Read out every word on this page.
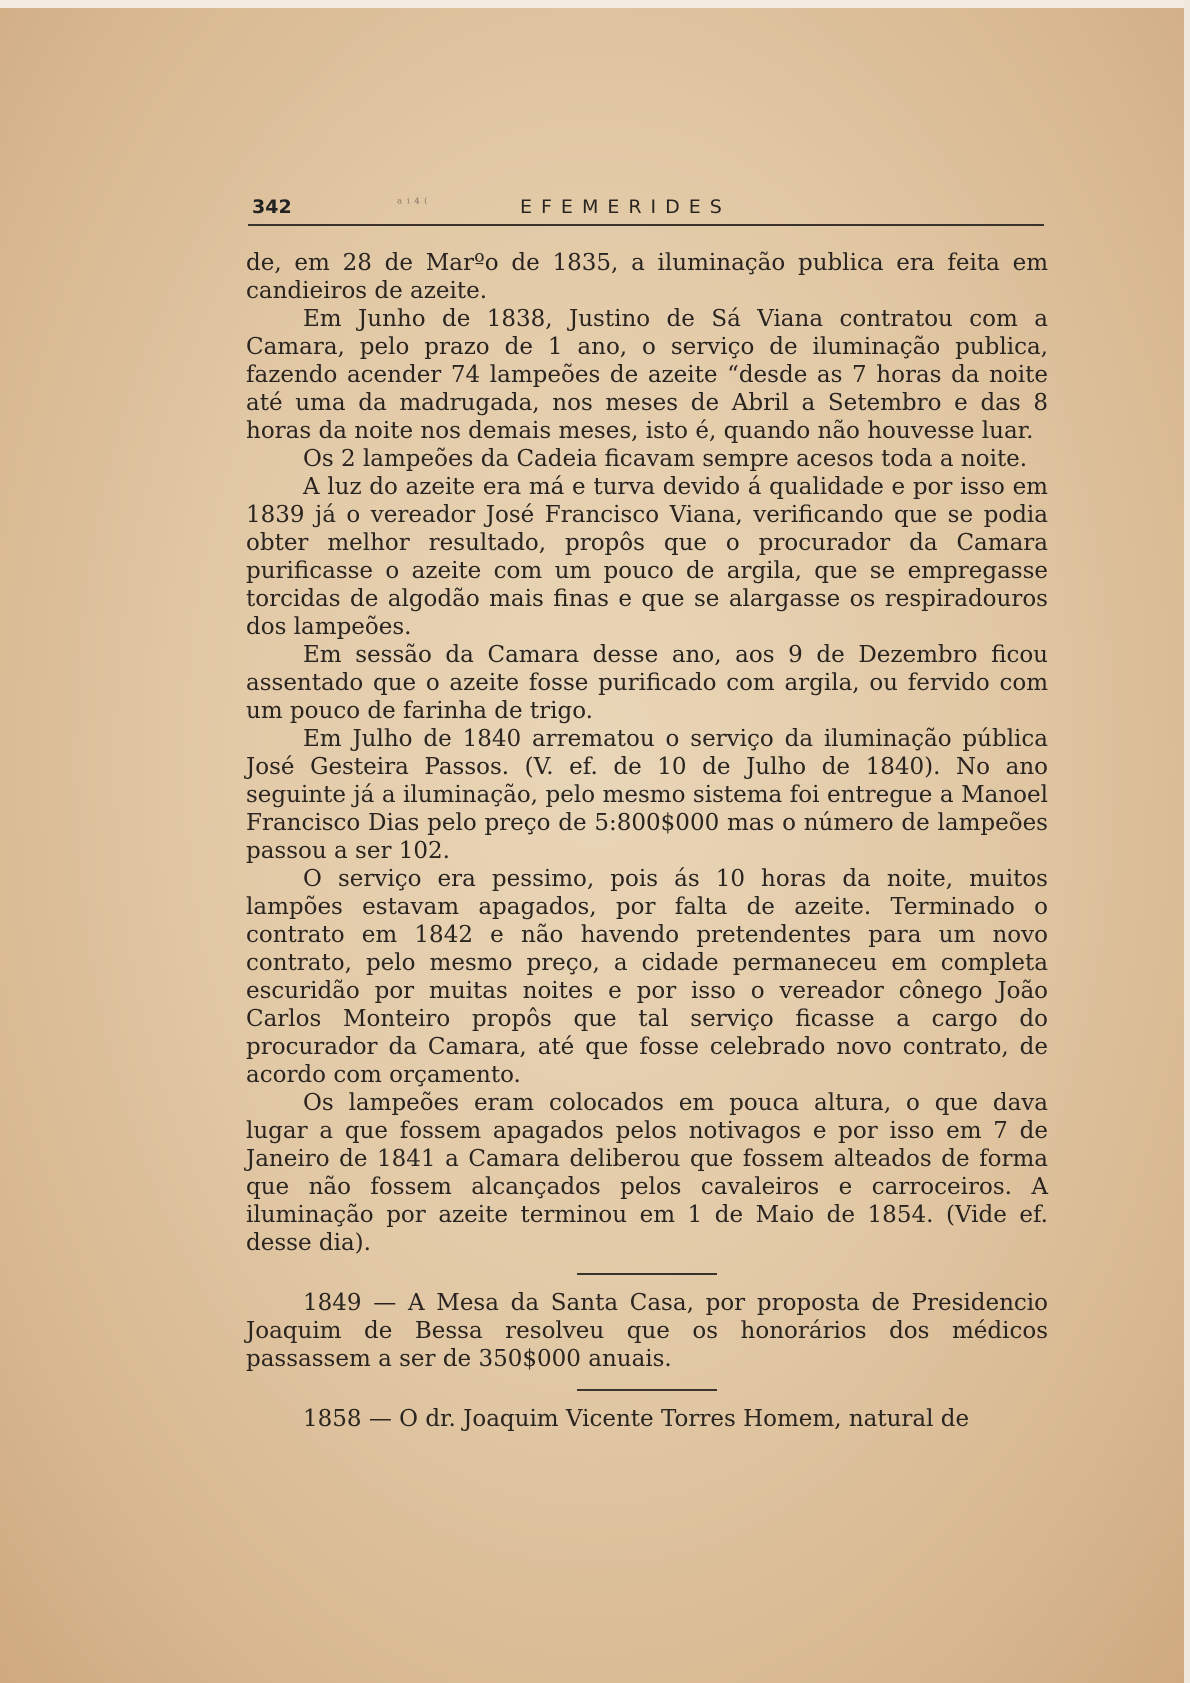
342	ᵃ ⁱ ⁴ ⁽	EFEMERIDES

de, em 28 de Marºo de 1835, a iluminação publica era feita em candieiros de azeite.

Em Junho de 1838, Justino de Sá Viana contratou com a Camara, pelo prazo de 1 ano, o serviço de iluminação publica, fazendo acender 74 lampeões de azeite “desde as 7 horas da noite até uma da madrugada, nos meses de Abril a Setembro e das 8 horas da noite nos demais meses, isto é, quando não houvesse luar.

Os 2 lampeões da Cadeia ficavam sempre acesos toda a noite.

A luz do azeite era má e turva devido á qualidade e por isso em 1839 já o vereador José Francisco Viana, verificando que se podia obter melhor resultado, propôs que o procurador da Camara purificasse o azeite com um pouco de argila, que se empregasse torcidas de algodão mais finas e que se alargasse os respiradouros dos lampeões.

Em sessão da Camara desse ano, aos 9 de Dezembro ficou assentado que o azeite fosse purificado com argila, ou fervido com um pouco de farinha de trigo.

Em Julho de 1840 arrematou o serviço da iluminação pública José Gesteira Passos. (V. ef. de 10 de Julho de 1840). No ano seguinte já a iluminação, pelo mesmo sistema foi entregue a Manoel Francisco Dias pelo preço de 5:800$000 mas o número de lampeões passou a ser 102.

O serviço era pessimo, pois ás 10 horas da noite, muitos lampões estavam apagados, por falta de azeite. Terminado o contrato em 1842 e não havendo pretendentes para um novo contrato, pelo mesmo preço, a cidade permaneceu em completa escuridão por muitas noites e por isso o vereador cônego João Carlos Monteiro propôs que tal serviço ficasse a cargo do procurador da Camara, até que fosse celebrado novo contrato, de acordo com orçamento.

Os lampeões eram colocados em pouca altura, o que dava lugar a que fossem apagados pelos notivagos e por isso em 7 de Janeiro de 1841 a Camara deliberou que fossem alteados de forma que não fossem alcançados pelos cavaleiros e carroceiros. A iluminação por azeite terminou em 1 de Maio de 1854. (Vide ef. desse dia).

1849 — A Mesa da Santa Casa, por proposta de Presidencio Joaquim de Bessa resolveu que os honorários dos médicos passassem a ser de 350$000 anuais.

1858 — O dr. Joaquim Vicente Torres Homem, natural de
